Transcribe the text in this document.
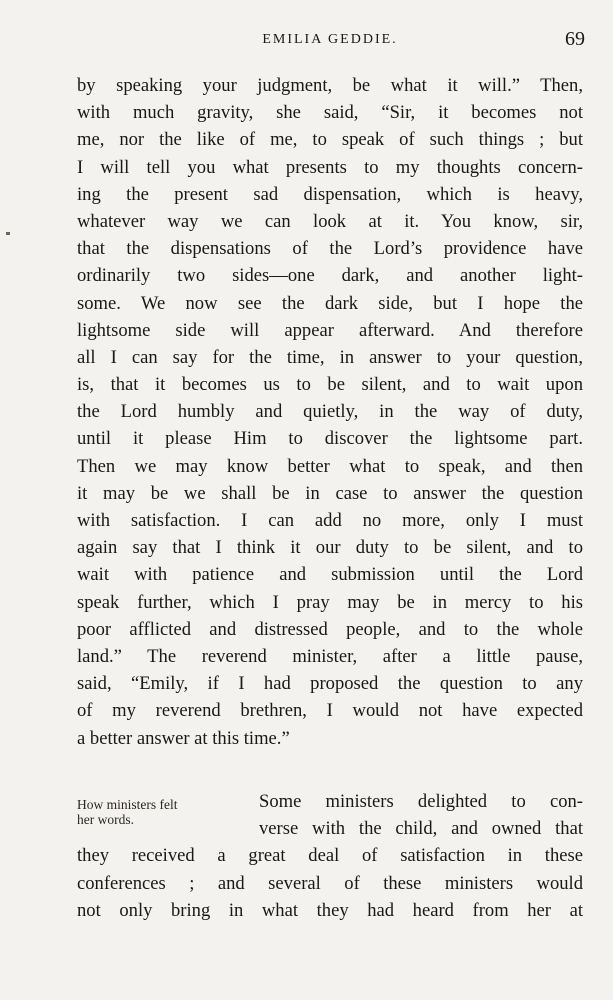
EMILIA GEDDIE.	69
by speaking your judgment, be what it will.” Then,
with much gravity, she said, “Sir, it becomes not
me, nor the like of me, to speak of such things ; but
I will tell you what presents to my thoughts concern-
ing the present sad dispensation, which is heavy,
whatever way we can look at it. You know, sir,
that the dispensations of the Lord’s providence have
ordinarily two sides—one dark, and another light-
some. We now see the dark side, but I hope the
lightsome side will appear afterward. And therefore
all I can say for the time, in answer to your question,
is, that it becomes us to be silent, and to wait upon
the Lord humbly and quietly, in the way of duty,
until it please Him to discover the lightsome part.
Then we may know better what to speak, and then
it may be we shall be in case to answer the question
with satisfaction. I can add no more, only I must
again say that I think it our duty to be silent, and to
wait with patience and submission until the Lord
speak further, which I pray may be in mercy to his
poor afflicted and distressed people, and to the whole
land.” The reverend minister, after a little pause,
said, “Emily, if I had proposed the question to any
of my reverend brethren, I would not have expected
a better answer at this time.”
How ministers felt
her words.
Some ministers delighted to con-
verse with the child, and owned that
they received a great deal of satisfaction in these
conferences ; and several of these ministers would
not only bring in what they had heard from her at
